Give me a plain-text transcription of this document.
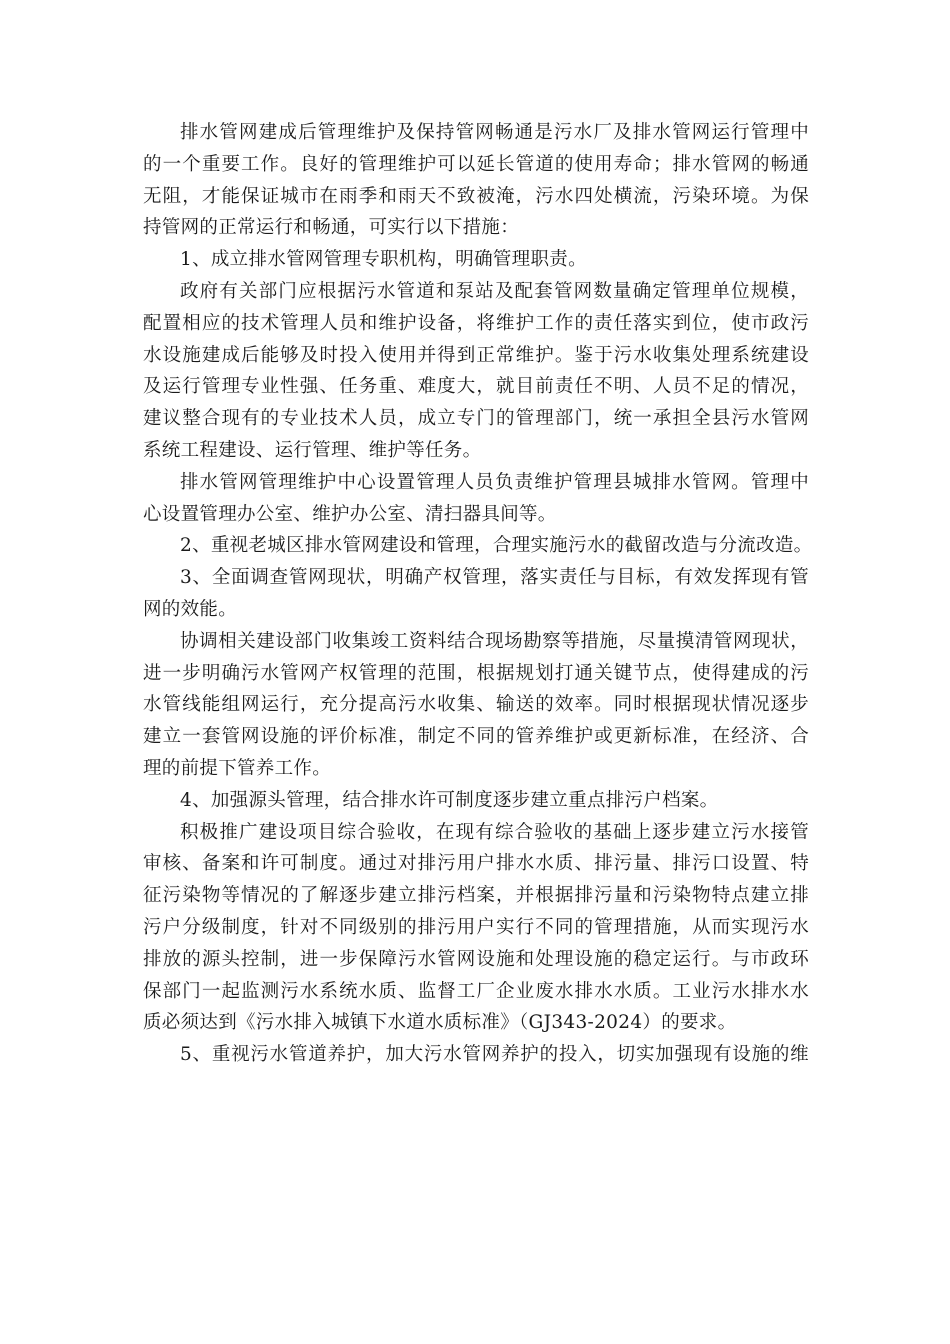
排水管网建成后管理维护及保持管网畅通是污水厂及排水管网运行管理中
的一个重要工作。良好的管理维护可以延长管道的使用寿命；排水管网的畅通
无阻，才能保证城市在雨季和雨天不致被淹，污水四处横流，污染环境。为保
持管网的正常运行和畅通，可实行以下措施：
1、成立排水管网管理专职机构，明确管理职责。
政府有关部门应根据污水管道和泵站及配套管网数量确定管理单位规模，
配置相应的技术管理人员和维护设备，将维护工作的责任落实到位，使市政污
水设施建成后能够及时投入使用并得到正常维护。鉴于污水收集处理系统建设
及运行管理专业性强、任务重、难度大，就目前责任不明、人员不足的情况，
建议整合现有的专业技术人员，成立专门的管理部门，统一承担全县污水管网
系统工程建设、运行管理、维护等任务。
排水管网管理维护中心设置管理人员负责维护管理县城排水管网。管理中
心设置管理办公室、维护办公室、清扫器具间等。
2、重视老城区排水管网建设和管理，合理实施污水的截留改造与分流改造。
3、全面调查管网现状，明确产权管理，落实责任与目标，有效发挥现有管
网的效能。
协调相关建设部门收集竣工资料结合现场勘察等措施，尽量摸清管网现状，
进一步明确污水管网产权管理的范围，根据规划打通关键节点，使得建成的污
水管线能组网运行，充分提高污水收集、输送的效率。同时根据现状情况逐步
建立一套管网设施的评价标准，制定不同的管养维护或更新标准，在经济、合
理的前提下管养工作。
4、加强源头管理，结合排水许可制度逐步建立重点排污户档案。
积极推广建设项目综合验收，在现有综合验收的基础上逐步建立污水接管
审核、备案和许可制度。通过对排污用户排水水质、排污量、排污口设置、特
征污染物等情况的了解逐步建立排污档案，并根据排污量和污染物特点建立排
污户分级制度，针对不同级别的排污用户实行不同的管理措施，从而实现污水
排放的源头控制，进一步保障污水管网设施和处理设施的稳定运行。与市政环
保部门一起监测污水系统水质、监督工厂企业废水排水水质。工业污水排水水
质必须达到《污水排入城镇下水道水质标准》（GJ343-2024）的要求。
5、重视污水管道养护，加大污水管网养护的投入，切实加强现有设施的维
